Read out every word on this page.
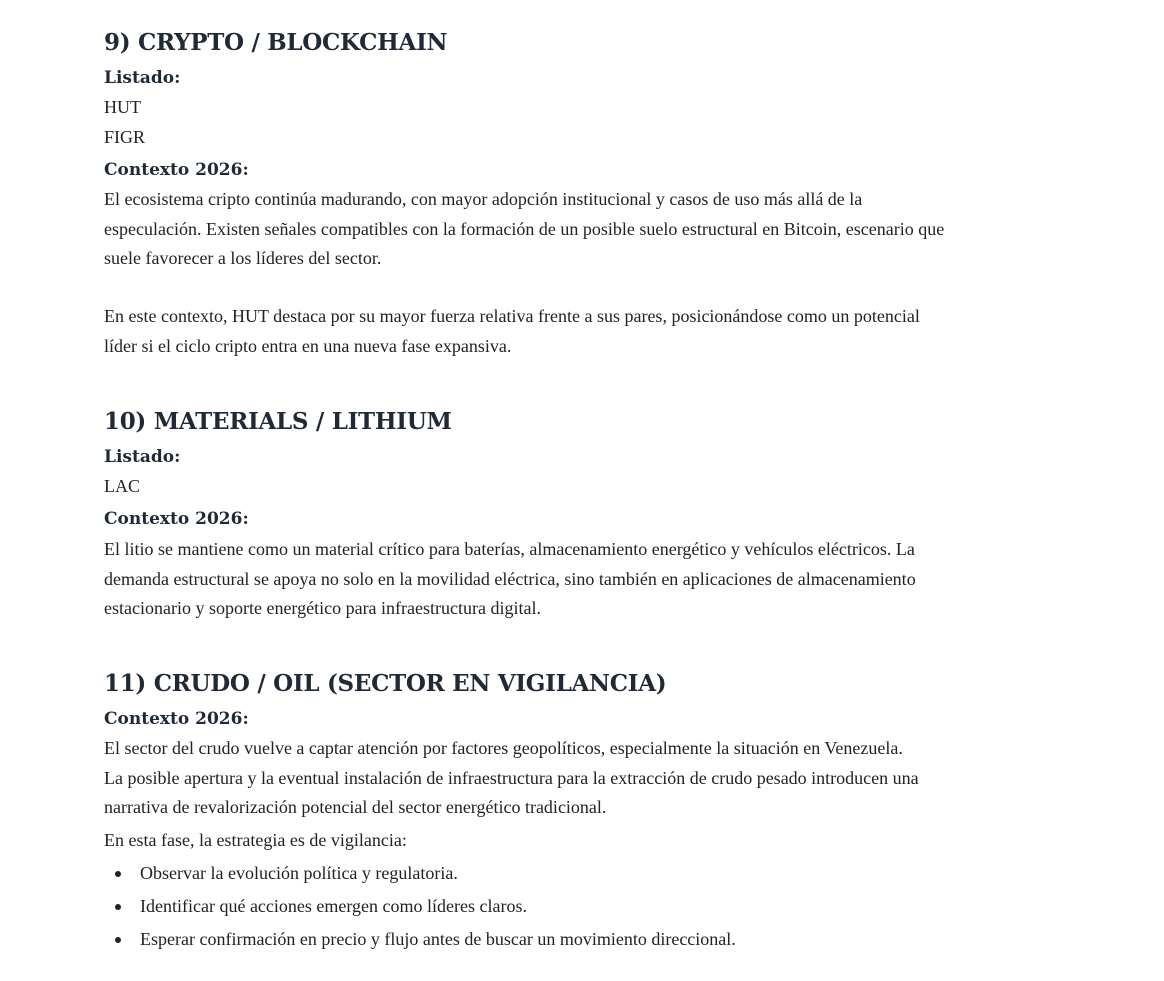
9) CRYPTO / BLOCKCHAIN

Listado:

HUT

FIGR

Contexto 2026:

El ecosistema cripto continúa madurando, con mayor adopción institucional y casos de uso más allá de la especulación. Existen señales compatibles con la formación de un posible suelo estructural en Bitcoin, escenario que suele favorecer a los líderes del sector.

En este contexto, HUT destaca por su mayor fuerza relativa frente a sus pares, posicionándose como un potencial líder si el ciclo cripto entra en una nueva fase expansiva.

10) MATERIALS / LITHIUM

Listado:

LAC

Contexto 2026:

El litio se mantiene como un material crítico para baterías, almacenamiento energético y vehículos eléctricos. La demanda estructural se apoya no solo en la movilidad eléctrica, sino también en aplicaciones de almacenamiento estacionario y soporte energético para infraestructura digital.

11) CRUDO / OIL (SECTOR EN VIGILANCIA)

Contexto 2026:

El sector del crudo vuelve a captar atención por factores geopolíticos, especialmente la situación en Venezuela. La posible apertura y la eventual instalación de infraestructura para la extracción de crudo pesado introducen una narrativa de revalorización potencial del sector energético tradicional.

En esta fase, la estrategia es de vigilancia:

Observar la evolución política y regulatoria.
Identificar qué acciones emergen como líderes claros.
Esperar confirmación en precio y flujo antes de buscar un movimiento direccional.
